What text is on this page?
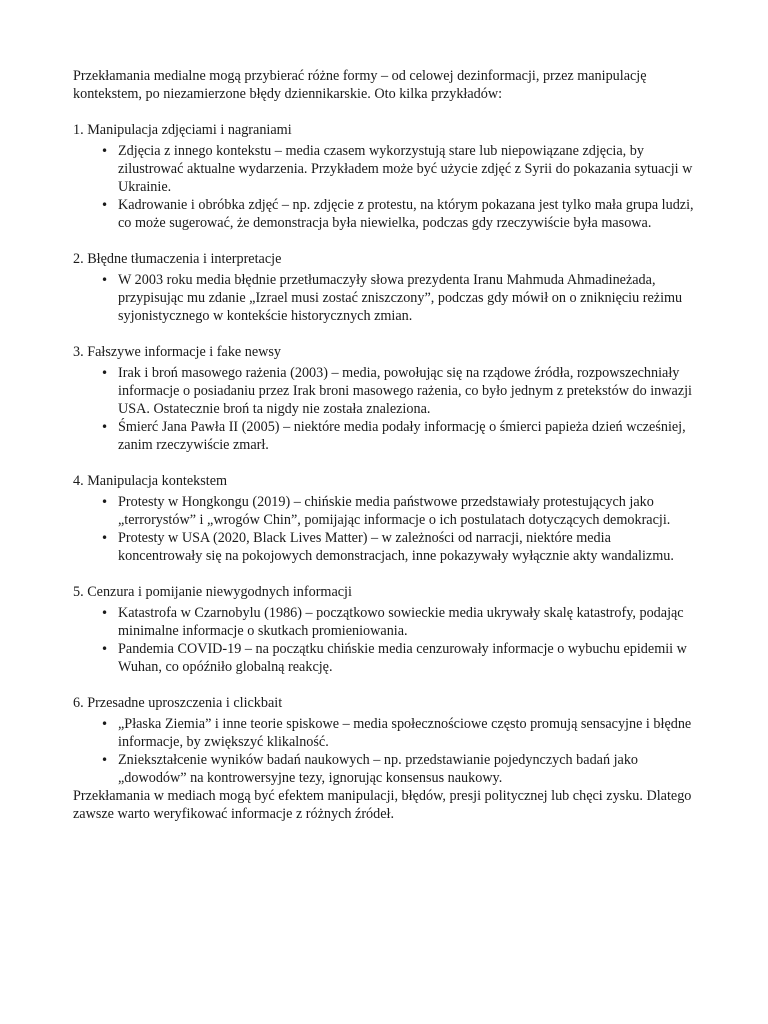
Przekłamania medialne mogą przybierać różne formy – od celowej dezinformacji, przez manipulację kontekstem, po niezamierzone błędy dziennikarskie. Oto kilka przykładów:

1. Manipulacja zdjęciami i nagraniami

• Zdjęcia z innego kontekstu – media czasem wykorzystują stare lub niepowiązane zdjęcia, by zilustrować aktualne wydarzenia. Przykładem może być użycie zdjęć z Syrii do pokazania sytuacji w Ukrainie.
• Kadrowanie i obróbka zdjęć – np. zdjęcie z protestu, na którym pokazana jest tylko mała grupa ludzi, co może sugerować, że demonstracja była niewielka, podczas gdy rzeczywiście była masowa.

2. Błędne tłumaczenia i interpretacje

• W 2003 roku media błędnie przetłumaczyły słowa prezydenta Iranu Mahmuda Ahmadineżada, przypisując mu zdanie „Izrael musi zostać zniszczony”, podczas gdy mówił on o zniknięciu reżimu syjonistycznego w kontekście historycznych zmian.

3. Fałszywe informacje i fake newsy

• Irak i broń masowego rażenia (2003) – media, powołując się na rządowe źródła, rozpowszechniały informacje o posiadaniu przez Irak broni masowego rażenia, co było jednym z pretekstów do inwazji USA. Ostatecznie broń ta nigdy nie została znaleziona.
• Śmierć Jana Pawła II (2005) – niektóre media podały informację o śmierci papieża dzień wcześniej, zanim rzeczywiście zmarł.

4. Manipulacja kontekstem

• Protesty w Hongkongu (2019) – chińskie media państwowe przedstawiały protestujących jako „terrorystów” i „wrogów Chin”, pomijając informacje o ich postulatach dotyczących demokracji.
• Protesty w USA (2020, Black Lives Matter) – w zależności od narracji, niektóre media koncentrowały się na pokojowych demonstracjach, inne pokazywały wyłącznie akty wandalizmu.

5. Cenzura i pomijanie niewygodnych informacji

• Katastrofa w Czarnobylu (1986) – początkowo sowieckie media ukrywały skalę katastrofy, podając minimalne informacje o skutkach promieniowania.
• Pandemia COVID-19 – na początku chińskie media cenzurowały informacje o wybuchu epidemii w Wuhan, co opóźniło globalną reakcję.

6. Przesadne uproszczenia i clickbait

• „Płaska Ziemia” i inne teorie spiskowe – media społecznościowe często promują sensacyjne i błędne informacje, by zwiększyć klikalność.
• Zniekształcenie wyników badań naukowych – np. przedstawianie pojedynczych badań jako „dowodów” na kontrowersyjne tezy, ignorując konsensus naukowy.

Przekłamania w mediach mogą być efektem manipulacji, błędów, presji politycznej lub chęci zysku. Dlatego zawsze warto weryfikować informacje z różnych źródeł.
